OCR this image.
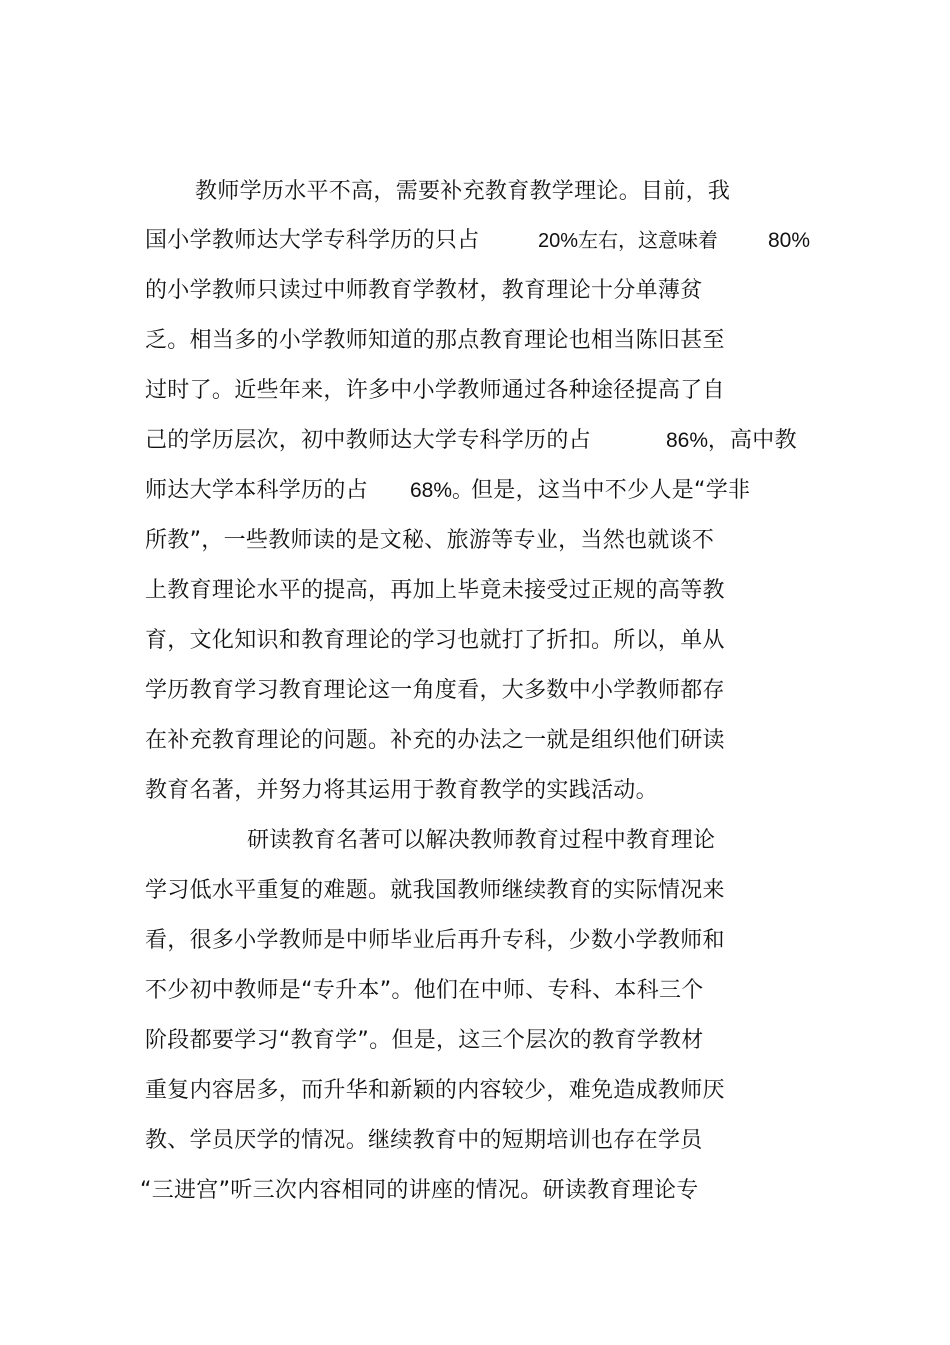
教师学历水平不高，需要补充教育教学理论。目前，我
国小学教师达大学专科学历的只占	20%左右，这意味着 80%
的小学教师只读过中师教育学教材，教育理论十分单薄贫
乏。相当多的小学教师知道的那点教育理论也相当陈旧甚至
过时了。近些年来，许多中小学教师通过各种途径提高了自
己的学历层次，初中教师达大学专科学历的占	86%， 高中教
师达大学本科学历的占 68%。
但是，这当中不少人是“学非
所教”，一些教师读的是文秘、旅游等专业，当然也就谈不
上教育理论水平的提高，再加上毕竟未接受过正规的高等教
育，文化知识和教育理论的学习也就打了折扣。所以，单从
学历教育学习教育理论这一角度看，大多数中小学教师都存
在补充教育理论的问题。补充的办法之一就是组织他们研读
教育名著，并努力将其运用于教育教学的实践活动。
研读教育名著可以解决教师教育过程中教育理论
学习低水平重复的难题。就我国教师继续教育的实际情况来
看，很多小学教师是中师毕业后再升专科，少数小学教师和
不少初中教师是“专升本”。他们在中师、专科、本科三个
阶段都要学习“教育学”。但是，这三个层次的教育学教材
重复内容居多，而升华和新颖的内容较少，难免造成教师厌
教、学员厌学的情况。继续教育中的短期培训也存在学员
“三进宫”听三次内容相同的讲座的情况。研读教育理论专
